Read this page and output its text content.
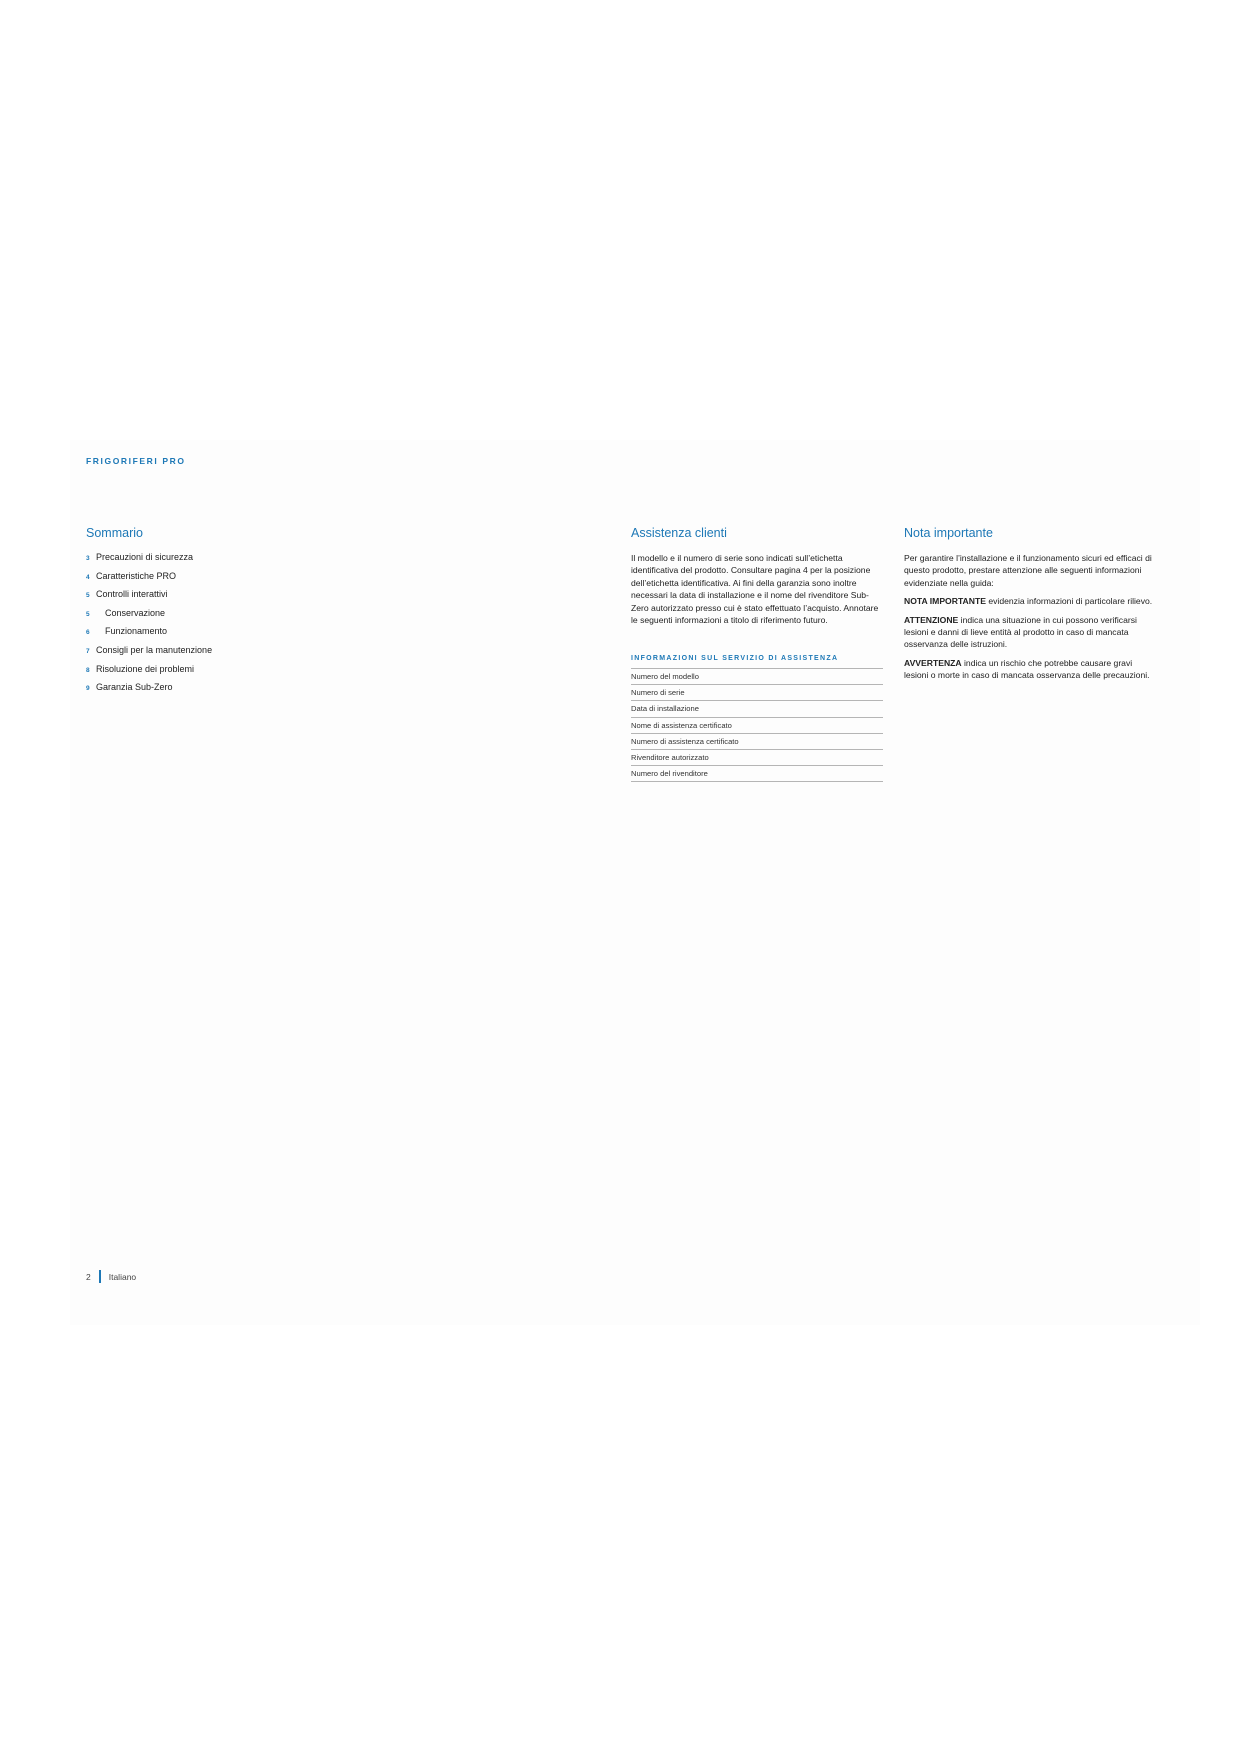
FRIGORIFERI PRO
Sommario
3 Precauzioni di sicurezza
4 Caratteristiche PRO
5 Controlli interattivi
5 Conservazione
6 Funzionamento
7 Consigli per la manutenzione
8 Risoluzione dei problemi
9 Garanzia Sub-Zero
Assistenza clienti

Il modello e il numero di serie sono indicati sull’etichetta identificativa del prodotto. Consultare pagina 4 per la posizione dell’etichetta identificativa. Ai fini della garanzia sono inoltre necessari la data di installazione e il nome del rivenditore Sub-Zero autorizzato presso cui è stato effettuato l’acquisto. Annotare le seguenti informazioni a titolo di riferimento futuro.

INFORMAZIONI SUL SERVIZIO DI ASSISTENZA
Numero del modello
Numero di serie
Data di installazione
Nome di assistenza certificato
Numero di assistenza certificato
Rivenditore autorizzato
Numero del rivenditore
Nota importante

Per garantire l’installazione e il funzionamento sicuri ed efficaci di questo prodotto, prestare attenzione alle seguenti informazioni evidenziate nella guida:

NOTA IMPORTANTE evidenzia informazioni di particolare rilievo.

ATTENZIONE indica una situazione in cui possono verificarsi lesioni e danni di lieve entità al prodotto in caso di mancata osservanza delle istruzioni.

AVVERTENZA indica un rischio che potrebbe causare gravi lesioni o morte in caso di mancata osservanza delle precauzioni.

2 Italiano
